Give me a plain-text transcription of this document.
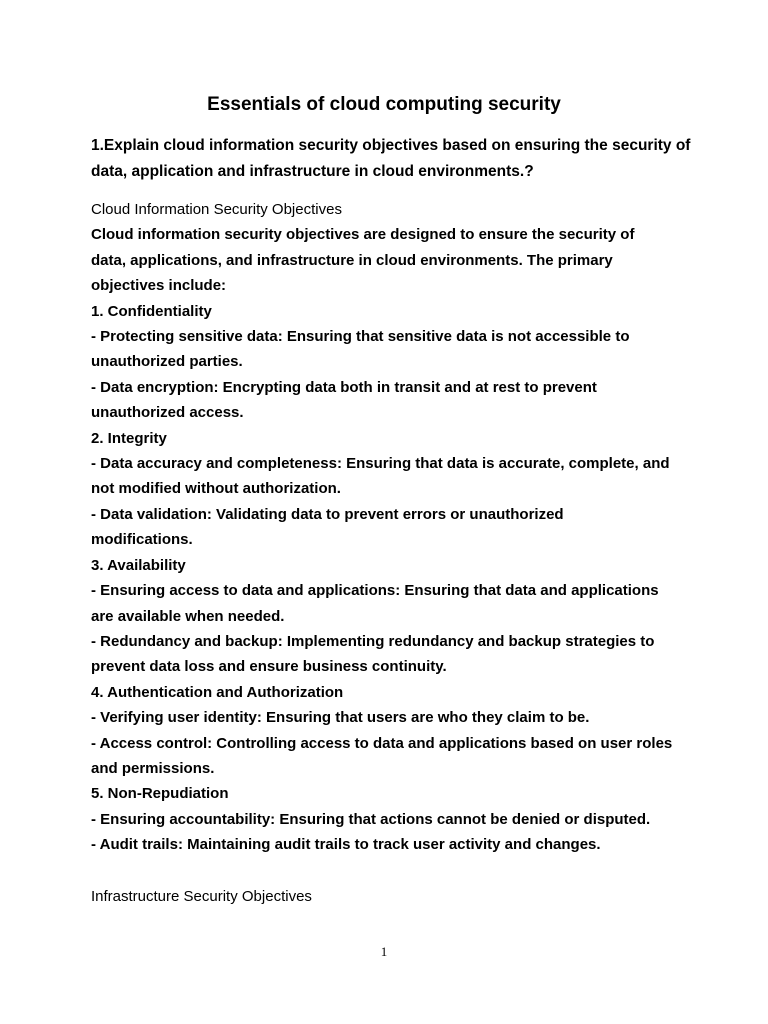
Essentials of cloud computing security
1.Explain cloud information security objectives based on ensuring the security of
data, application and infrastructure in cloud environments.?
Cloud Information Security Objectives
Cloud information security objectives are designed to ensure the security of
data, applications, and infrastructure in cloud environments. The primary
objectives include:
1. Confidentiality
- Protecting sensitive data: Ensuring that sensitive data is not accessible to
unauthorized parties.
- Data encryption: Encrypting data both in transit and at rest to prevent
unauthorized access.
2. Integrity
- Data accuracy and completeness: Ensuring that data is accurate, complete, and
not modified without authorization.
- Data validation: Validating data to prevent errors or unauthorized
modifications.
3. Availability
- Ensuring access to data and applications: Ensuring that data and applications
are available when needed.
- Redundancy and backup: Implementing redundancy and backup strategies to
prevent data loss and ensure business continuity.
4. Authentication and Authorization
- Verifying user identity: Ensuring that users are who they claim to be.
- Access control: Controlling access to data and applications based on user roles
and permissions.
5. Non-Repudiation
- Ensuring accountability: Ensuring that actions cannot be denied or disputed.
- Audit trails: Maintaining audit trails to track user activity and changes.
Infrastructure Security Objectives
1
